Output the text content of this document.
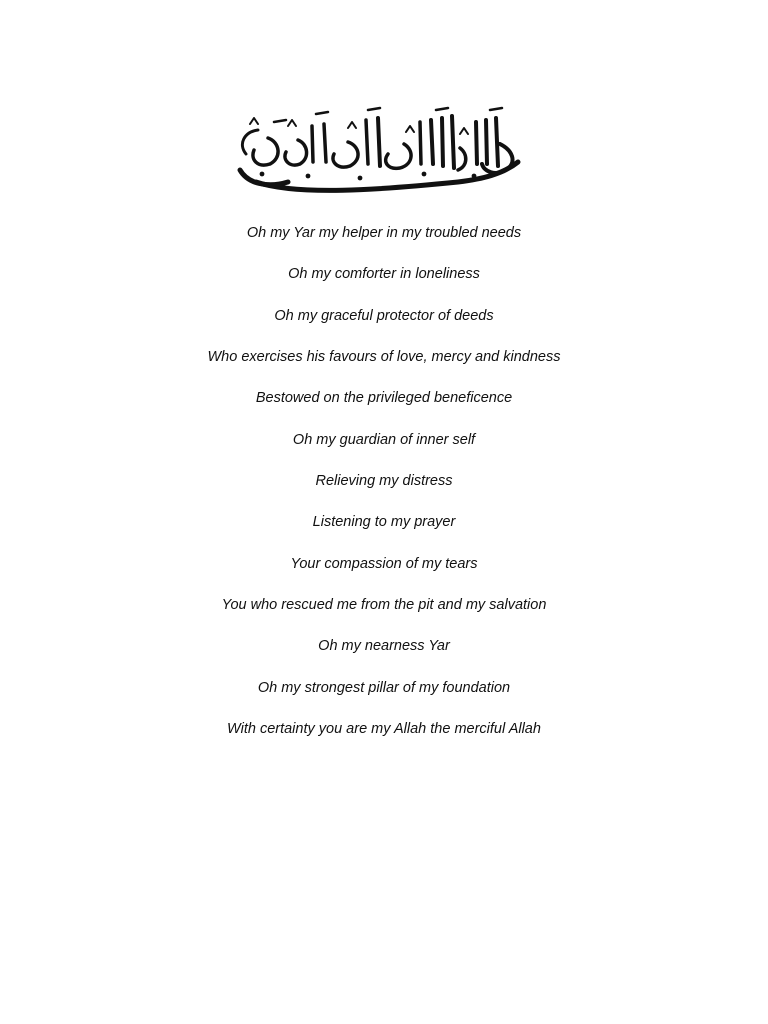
Oh my Yar my helper in my troubled needs
Oh my comforter in loneliness
Oh my graceful protector of deeds
Who exercises his favours of love, mercy and kindness
Bestowed on the privileged beneficence
Oh my guardian of inner self
Relieving my distress
Listening to my prayer
Your compassion of my tears
You who rescued me from the pit and my salvation
Oh my nearness Yar
Oh my strongest pillar of my foundation
With certainty you are my Allah the merciful Allah
